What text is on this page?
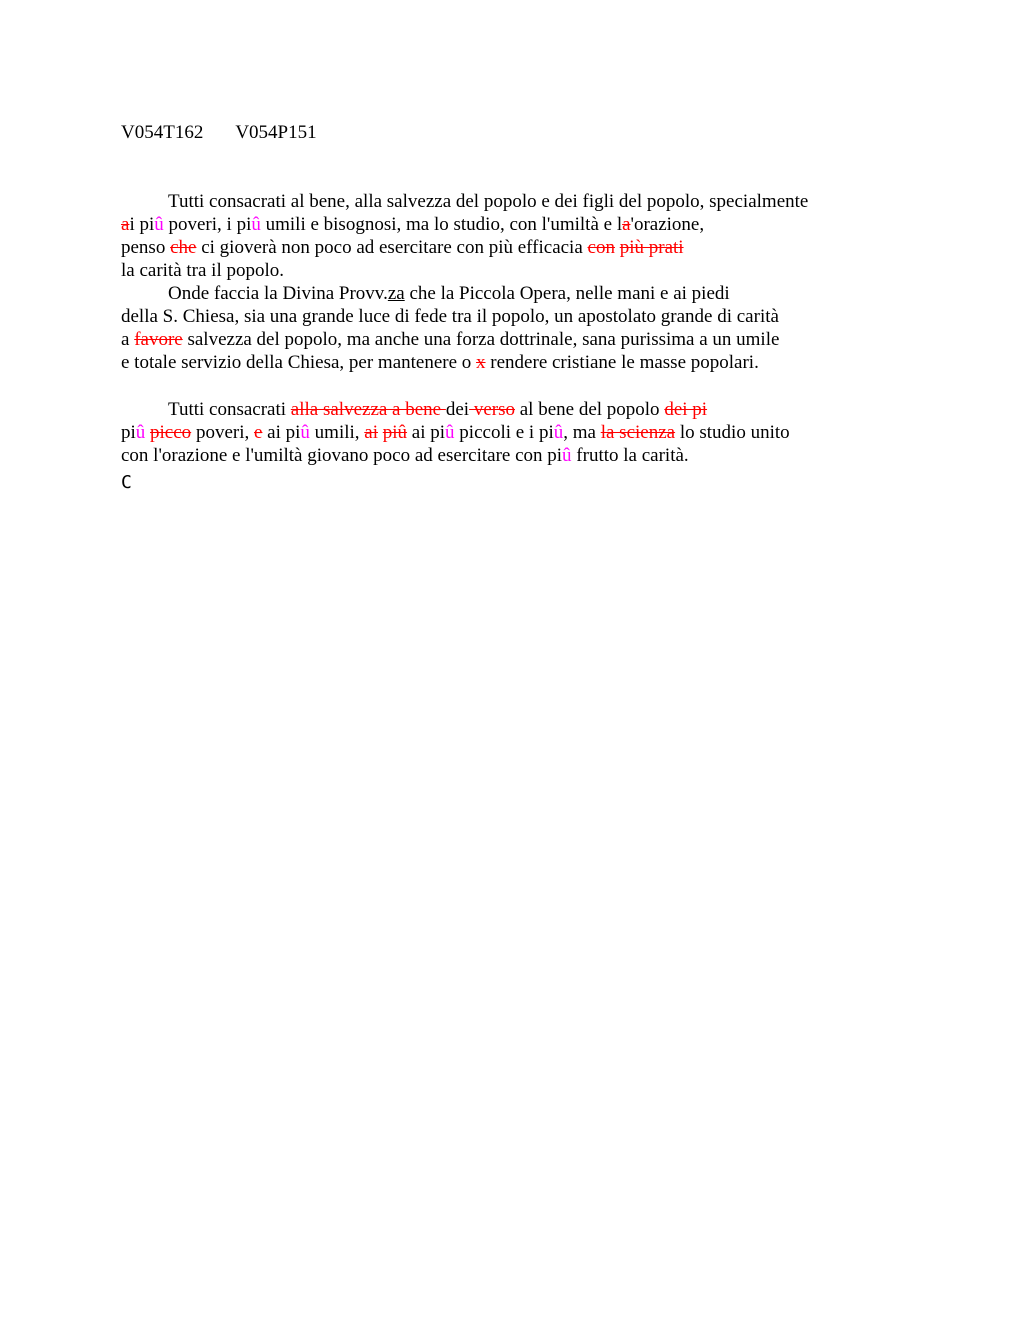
V054T162 V054P151
Tutti consacrati al bene, alla salvezza del popolo e dei figli del popolo, specialmente
ai piû poveri, i piû umili e bisognosi, ma lo studio, con l'umiltà e la'orazione,
penso che ci gioverà non poco ad esercitare con più efficacia con più prati
la carità tra il popolo.
Onde faccia la Divina Provv.za che la Piccola Opera, nelle mani e ai piedi
della S. Chiesa, sia una grande luce di fede tra il popolo, un apostolato grande di carità
a favore salvezza del popolo, ma anche una forza dottrinale, sana purissima a un umile
e totale servizio della Chiesa, per mantenere o x rendere cristiane le masse popolari.
Tutti consacrati alla salvezza a bene dei verso al bene del popolo dei pi
piû picco poveri, e ai piû umili, ai piû ai piû piccoli e i piû, ma la scienza lo studio unito
con l'orazione e l'umiltà giovano poco ad esercitare con piû frutto la carità.
C
